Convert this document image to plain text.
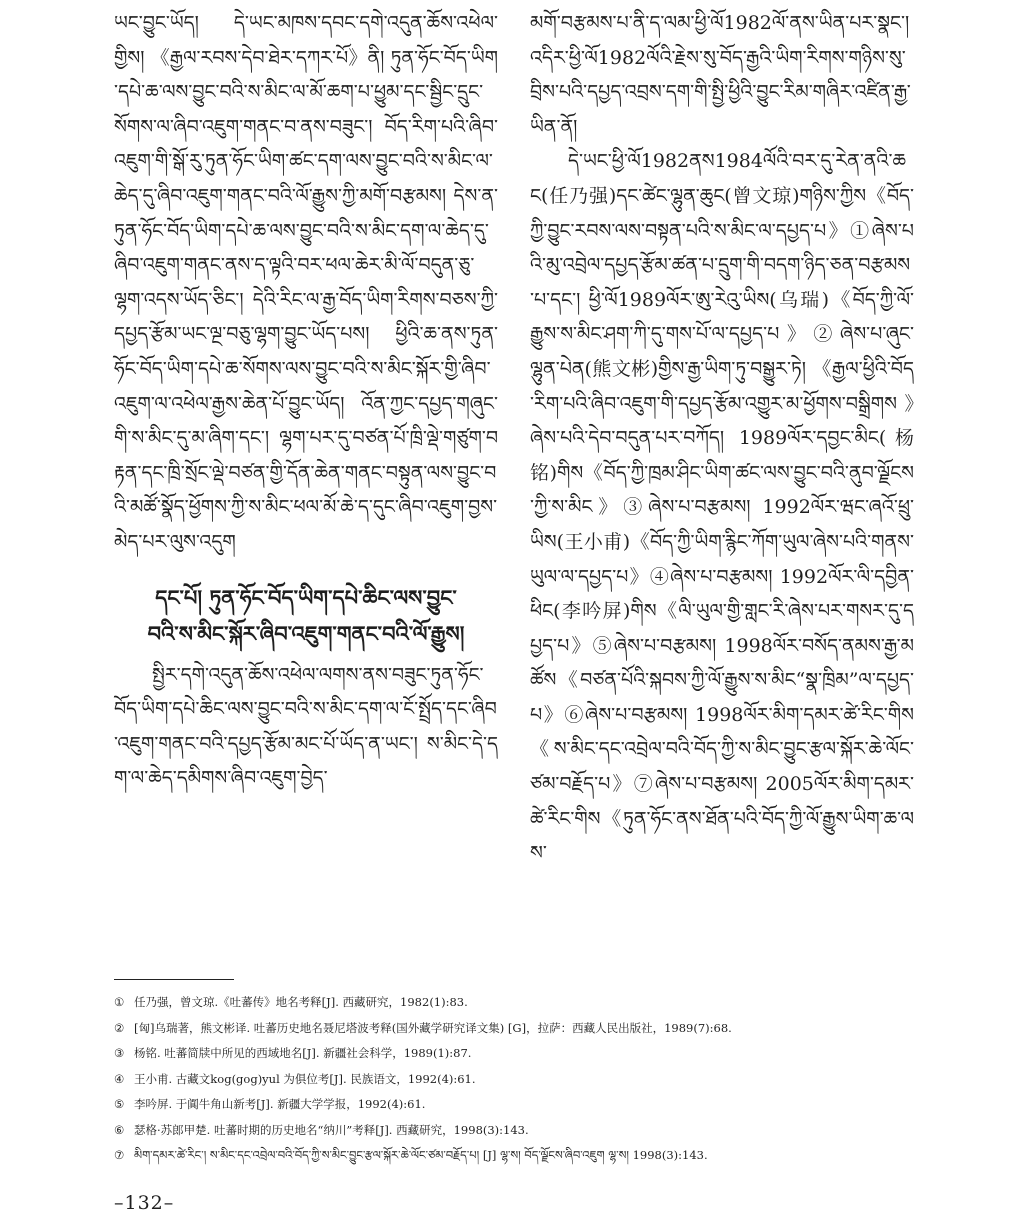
ཡང་བྱུང་ཡོད། དེ་ཡང་མཁས་དབང་དགེ་འདུན་ཆོས་འཕེལ་གྱིས། 《རྒྱལ་རབས་དེབ་ཐེར་དཀར་པོ》ནི། ཏུན་ཧོང་བོད་ཡིག་དཔེ་ཆ་ལས་བྱུང་བའི་ས་མིང་ལ་མོ་ཆག་པ་ཕྱུམ་དང་སྦྱིང་དྲུང་སོགས་ལ་ཞིབ་འཇུག་གནང་བ་ནས་བཟུང་། བོད་རིག་པའི་ཞིབ་འཇུག་གི་སྒོ་རུ་ཏུན་ཧོང་ཡིག་ཚང་དག་ལས་བྱུང་བའི་ས་མིང་ལ་ཆེད་དུ་ཞིབ་འཇུག་གནང་བའི་ལོ་རྒྱུས་ཀྱི་མགོ་བརྩམས། དེས་ན་ཏུན་ཧོང་བོད་ཡིག་དཔེ་ཆ་ལས་བྱུང་བའི་ས་མིང་དག་ལ་ཆེད་དུ་ཞིབ་འཇུག་གནང་ནས་ད་ལྟའི་བར་ཕལ་ཆེར་མི་ལོ་བདུན་ཅུ་ལྷག་འདས་ཡོད་ཅིང་། དེའི་རིང་ལ་རྒྱ་བོད་ཡིག་རིགས་བཅས་ཀྱི་དཔྱད་རྩོམ་ཡང་ལྔ་བཅུ་ལྷག་བྱུང་ཡོད་པས། ཕྱིའི་ཆ་ནས་ཏུན་ཧོང་བོད་ཡིག་དཔེ་ཆ་སོགས་ལས་བྱུང་བའི་ས་མིང་སྐོར་གྱི་ཞིབ་འཇུག་ལ་འཕེལ་རྒྱས་ཆེན་པོ་བྱུང་ཡོད། འོན་ཀྱང་དཔྱད་གཞུང་གི་ས་མིང་དུ་མ་ཞིག་དང་། ལྷག་པར་དུ་བཙན་པོ་ཁྲི་ལྡེ་གཙུག་བརྟན་དང་ཁྲི་སྲོང་ལྡེ་བཙན་གྱི་དོན་ཆེན་གནང་བསྟུན་ལས་བྱུང་བའི་མཚོ་སྣོད་ཕྱོགས་ཀྱི་ས་མིང་ཕལ་མོ་ཆེ་ད་དུང་ཞིབ་འཇུག་བྱས་མེད་པར་ལུས་འདུག

དང་པོ། ཏུན་ཧོང་བོད་ཡིག་དཔེ་ཆིང་ལས་བྱུང་
བའི་ས་མིང་སྐོར་ཞིབ་འཇུག་གནང་བའི་ལོ་རྒྱུས།

སྤྱིར་དགེ་འདུན་ཆོས་འཕེལ་ལགས་ནས་བཟུང་ཏུན་ཧོང་བོད་ཡིག་དཔེ་ཆིང་ལས་བྱུང་བའི་ས་མིང་དག་ལ་ངོ་སྤྲོད་དང་ཞིབ་འཇུག་གནང་བའི་དཔྱད་རྩོམ་མང་པོ་ཡོད་ན་ཡང་། ས་མིང་དེ་དག་ལ་ཆེད་དམིགས་ཞིབ་འཇུག་བྱེད་

མགོ་བརྩམས་པ་ནི་ད་ལམ་ཕྱི་ལོ1982ལོ་ནས་ཡིན་པར་སྣང་། འདིར་ཕྱི་ལོ1982ལོའི་རྗེས་སུ་བོད་རྒྱའི་ཡིག་རིགས་གཉིས་སུ་བྲིས་པའི་དཔྱད་འབྲས་དག་གི་སྤྱི་ཕྱིའི་བྱུང་རིམ་གཞིར་འཛིན་རྒྱ་ཡིན་ནོ།

དེ་ཡང་ཕྱི་ལོ1982ནས1984ལོའི་བར་དུ་རེན་ནའི་ཆང(任乃强)དང་ཚེང་ལྷུན་ཆུང(曾文琼)གཉིས་ཀྱིས《བོད་ཀྱི་བྱུང་རབས་ལས་བསྟན་པའི་ས་མིང་ལ་དཔྱད་པ》①ཞེས་པའི་མུ་འབྲེལ་དཔྱད་རྩོམ་ཚན་པ་དྲུག་གི་བདག་ཉིད་ཅན་བརྩམས་པ་དང་། ཕྱི་ལོ1989ལོར་ཨུ་རེའུ་ཡིས(乌瑞)《བོད་ཀྱི་ལོ་རྒྱུས་ས་མིང་ཤག་ཀི་དུ་གས་པོ་ལ་དཔྱད་པ》②ཞེས་པ་ཞུང་ལྷུན་པེན(熊文彬)གྱིས་རྒྱ་ཡིག་ཏུ་བསྒྱུར་ཏེ། 《རྒྱལ་ཕྱིའི་བོད་རིག་པའི་ཞིབ་འཇུག་གི་དཔྱད་རྩོམ་འགྱུར་མ་ཕྱོགས་བསྒྲིགས》ཞེས་པའི་དེབ་བདུན་པར་བཀོད། 1989ལོར་དབྱང་མིང(杨铭)གིས《བོད་ཀྱི་ཁྲམ་ཤིང་ཡིག་ཚང་ལས་བྱུང་བའི་ནུབ་ལྗོངས་ཀྱི་ས་མིང》③ཞེས་པ་བརྩམས། 1992ལོར་ཝང་ཞའོ་ཕྲུ་ཡིས(王小甫)《བོད་ཀྱི་ཡིག་རྙིང་ཀོག་ཡུལ་ཞེས་པའི་གནས་ཡུལ་ལ་དཔྱད་པ》④ཞེས་པ་བརྩམས། 1992ལོར་ལི་དབྱིན་ཕིང(李吟屏)གིས《ལི་ཡུལ་གྱི་གླང་རི་ཞེས་པར་གསར་དུ་དཔྱད་པ》⑤ཞེས་པ་བརྩམས། 1998ལོར་བསོད་ནམས་རྒྱ་མཚོས《བཙན་པོའི་སྐབས་ཀྱི་ལོ་རྒྱུས་ས་མིང“སྣ་ཁྲིམ”ལ་དཔྱད་པ》⑥ཞེས་པ་བརྩམས། 1998ལོར་མིག་དམར་ཚེ་རིང་གིས《ས་མིང་དང་འབྲེལ་བའི་བོད་ཀྱི་ས་མིང་བྱུང་རྩལ་སྐོར་ཆེ་ལོང་ཙམ་བརྗོད་པ》⑦ཞེས་པ་བརྩམས། 2005ལོར་མིག་དམར་ཚེ་རིང་གིས《ཏུན་ཧོང་ནས་ཐོན་པའི་བོད་ཀྱི་ལོ་རྒྱུས་ཡིག་ཆ་ལས་

① 任乃强，曾文琼.《吐蕃传》地名考释[J]. 西藏研究，1982(1):83.
② [匈]乌瑞著，熊文彬译. 吐蕃历史地名聂尼塔波考释(国外藏学研究译文集) [G]，拉萨：西藏人民出版社，1989(7):68.
③ 杨铭. 吐蕃简牍中所见的西域地名[J]. 新疆社会科学，1989(1):87.
④ 王小甫. 古藏文kog(gog)yul 为俱位考[J]. 民族语文，1992(4):61.
⑤ 李吟屏. 于阗牛角山新考[J]. 新疆大学学报，1992(4):61.
⑥ 瑟格·苏郎甲楚. 吐蕃时期的历史地名“纳川”考释[J]. 西藏研究，1998(3):143.
⑦ མིག་དམར་ཚེ་རིང་། ས་མིང་དང་འབྲེལ་བའི་བོད་ཀྱི་ས་མིང་བྱུང་རྩལ་སྐོར་ཆེ་ལོང་ཙམ་བརྗོད་པ། [J] ལྷ་ས། བོད་ལྗོངས་ཞིབ་འཇུག ལྷ་ས། 1998(3):143.
–132–
